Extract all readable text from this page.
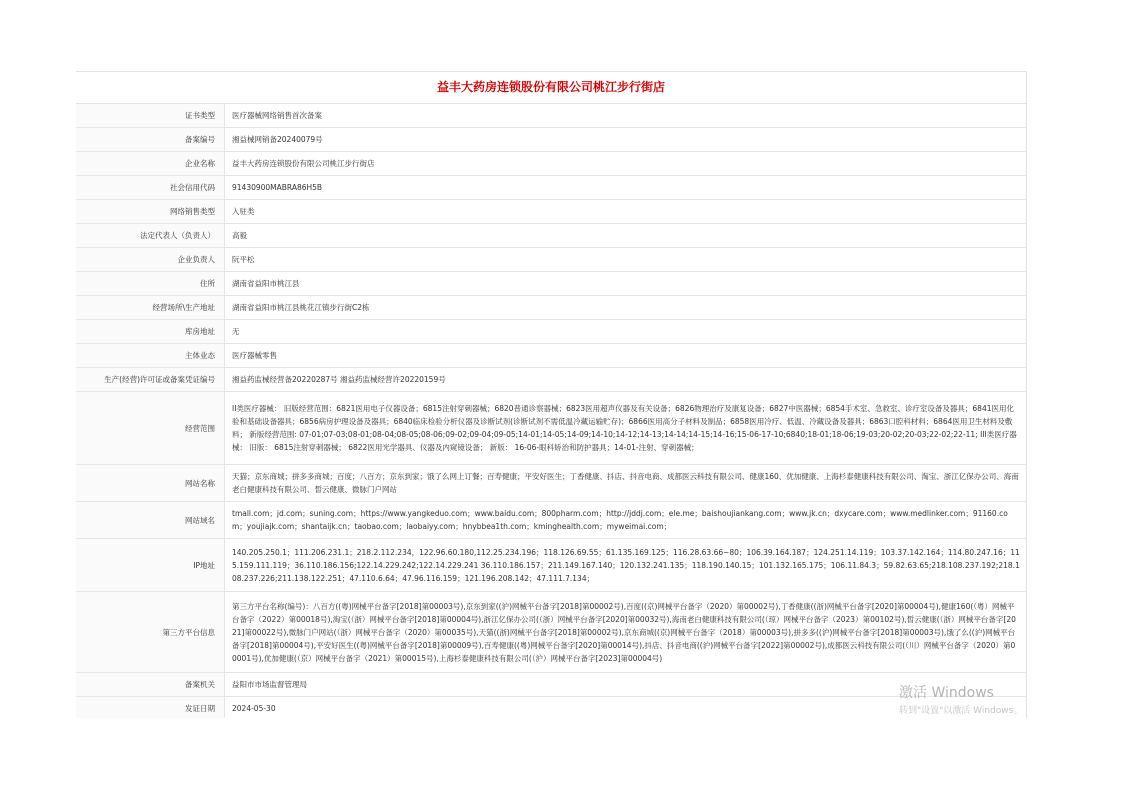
益丰大药房连锁股份有限公司桃江步行街店
证书类型	医疗器械网络销售首次备案
备案编号	湘益械网销备20240079号
企业名称	益丰大药房连锁股份有限公司桃江步行街店
社会信用代码	91430900MABRA86H5B
网络销售类型	入驻类
法定代表人（负责人）	高毅
企业负责人	阮平松
住所	湖南省益阳市桃江县
经营场所\生产地址	湖南省益阳市桃江县桃花江镇步行街C2栋
库房地址	无
主体业态	医疗器械零售
生产(经营)许可证或备案凭证编号	湘益药监械经营备20220287号 湘益药监械经营许20220159号
经营范围	II类医疗器械： 旧版经营范围：6821医用电子仪器设备；6815注射穿刺器械；6820普通诊察器械；6823医用超声仪器及有关设备；6826物理治疗及康复设备；6827中医器械；6854手术室、急救室、诊疗室设备及器具；6841医用化验和基础设备器具；6856病房护理设备及器具；6840临床检验分析仪器及诊断试剂(诊断试剂不需低温冷藏运输贮存)；6866医用高分子材料及制品；6858医用冷疗、低温、冷藏设备及器具；6863口腔科材料；6864医用卫生材料及敷料； 新版经营范围: 07-01;07-03;08-01;08-04;08-05;08-06;09-02;09-04;09-05;14-01;14-05;14-09;14-10;14-12;14-13;14-14;14-15;14-16;15-06-17-10;6840;18-01;18-06;19-03;20-02;20-03;22-02;22-11; III类医疗器械： 旧版： 6815注射穿刺器械； 6822医用光学器具、仪器及内窥镜设备； 新版： 16-06-眼科矫治和防护器具；14-01-注射、穿刺器械；
网站名称	天猫；京东商城；拼多多商城；百度；八百方；京东到家；饿了么网上订餐；百寿健康；平安好医生；丁香健康、抖店、抖音电商、成都医云科技有限公司、健康160、优加健康、上海杉泰健康科技有限公司、淘宝、浙江亿保办公司、海南老白健康科技有限公司、皙云健康、微脉门户网站
网站域名	tmall.com；jd.com；suning.com；https://www.yangkeduo.com；www.baidu.com；800pharm.com；http://jddj.com；ele.me；baishoujiankang.com；www.jk.cn；dxycare.com；www.medlinker.com；91160.com；youjiajk.com；shantaijk.cn；taobao.com；laobaiyy.com；hnybbea1th.com；kminghealth.com；myweimai.com；
IP地址	140.205.250.1；111.206.231.1；218.2.112.234，122.96.60.180,112.25.234.196；118.126.69.55；61.135.169.125；116.28.63.66~80；106.39.164.187；124.251.14.119；103.37.142.164；114.80.247.16；115.159.111.119；36.110.186.156;122.14.229.242;122.14.229.241 36.110.186.157；211.149.167.140；120.132.241.135；118.190.140.15；101.132.165.175；106.11.84.3；59.82.63.65;218.108.237.192;218.108.237.226;211.138.122.251；47.110.6.64；47.96.116.159；121.196.208.142；47.111.7.134；
第三方平台信息	第三方平台名称(编号)：八百方((粤)网械平台备字[2018]第00003号),京东到家((沪)网械平台备字[2018]第00002号),百度((京)网械平台备字（2020）第00002号),丁香健康((浙)网械平台备字[2020]第00004号),健康160(（粤）网械平台备字（2022）第00018号),淘宝(（浙）网械平台备字[2018]第00004号),浙江亿保办公司(（浙）网械平台备字[2020]第00032号),海南老白健康科技有限公司(（琼）网械平台备字（2023）第00102号),皙云健康(（浙）网械平台备字[2021]第00022号),微脉门户网站(（浙）网械平台备字（2020）第00035号),天猫((浙)网械平台备字[2018]第00002号),京东商城((京)网械平台备字（2018）第00003号),拼多多((沪)网械平台备字[2018]第00003号),饿了么((沪)网械平台备字[2018]第00004号),平安好医生((粤)网械平台备字[2018]第00009号),百寿健康((粤)网械平台备字[2020]第00014号),抖店、抖音电商((沪)网械平台备字[2022]第00002号),成都医云科技有限公司(（川）网械平台备字（2020）第00001号),优加健康(（京）网械平台备字（2021）第00015号),上海杉泰健康科技有限公司(（沪）网械平台备字[2023]第00004号)
备案机关	益阳市市场监督管理局
发证日期	2024-05-30
激活 Windows
转到"设置"以激活 Windows。
